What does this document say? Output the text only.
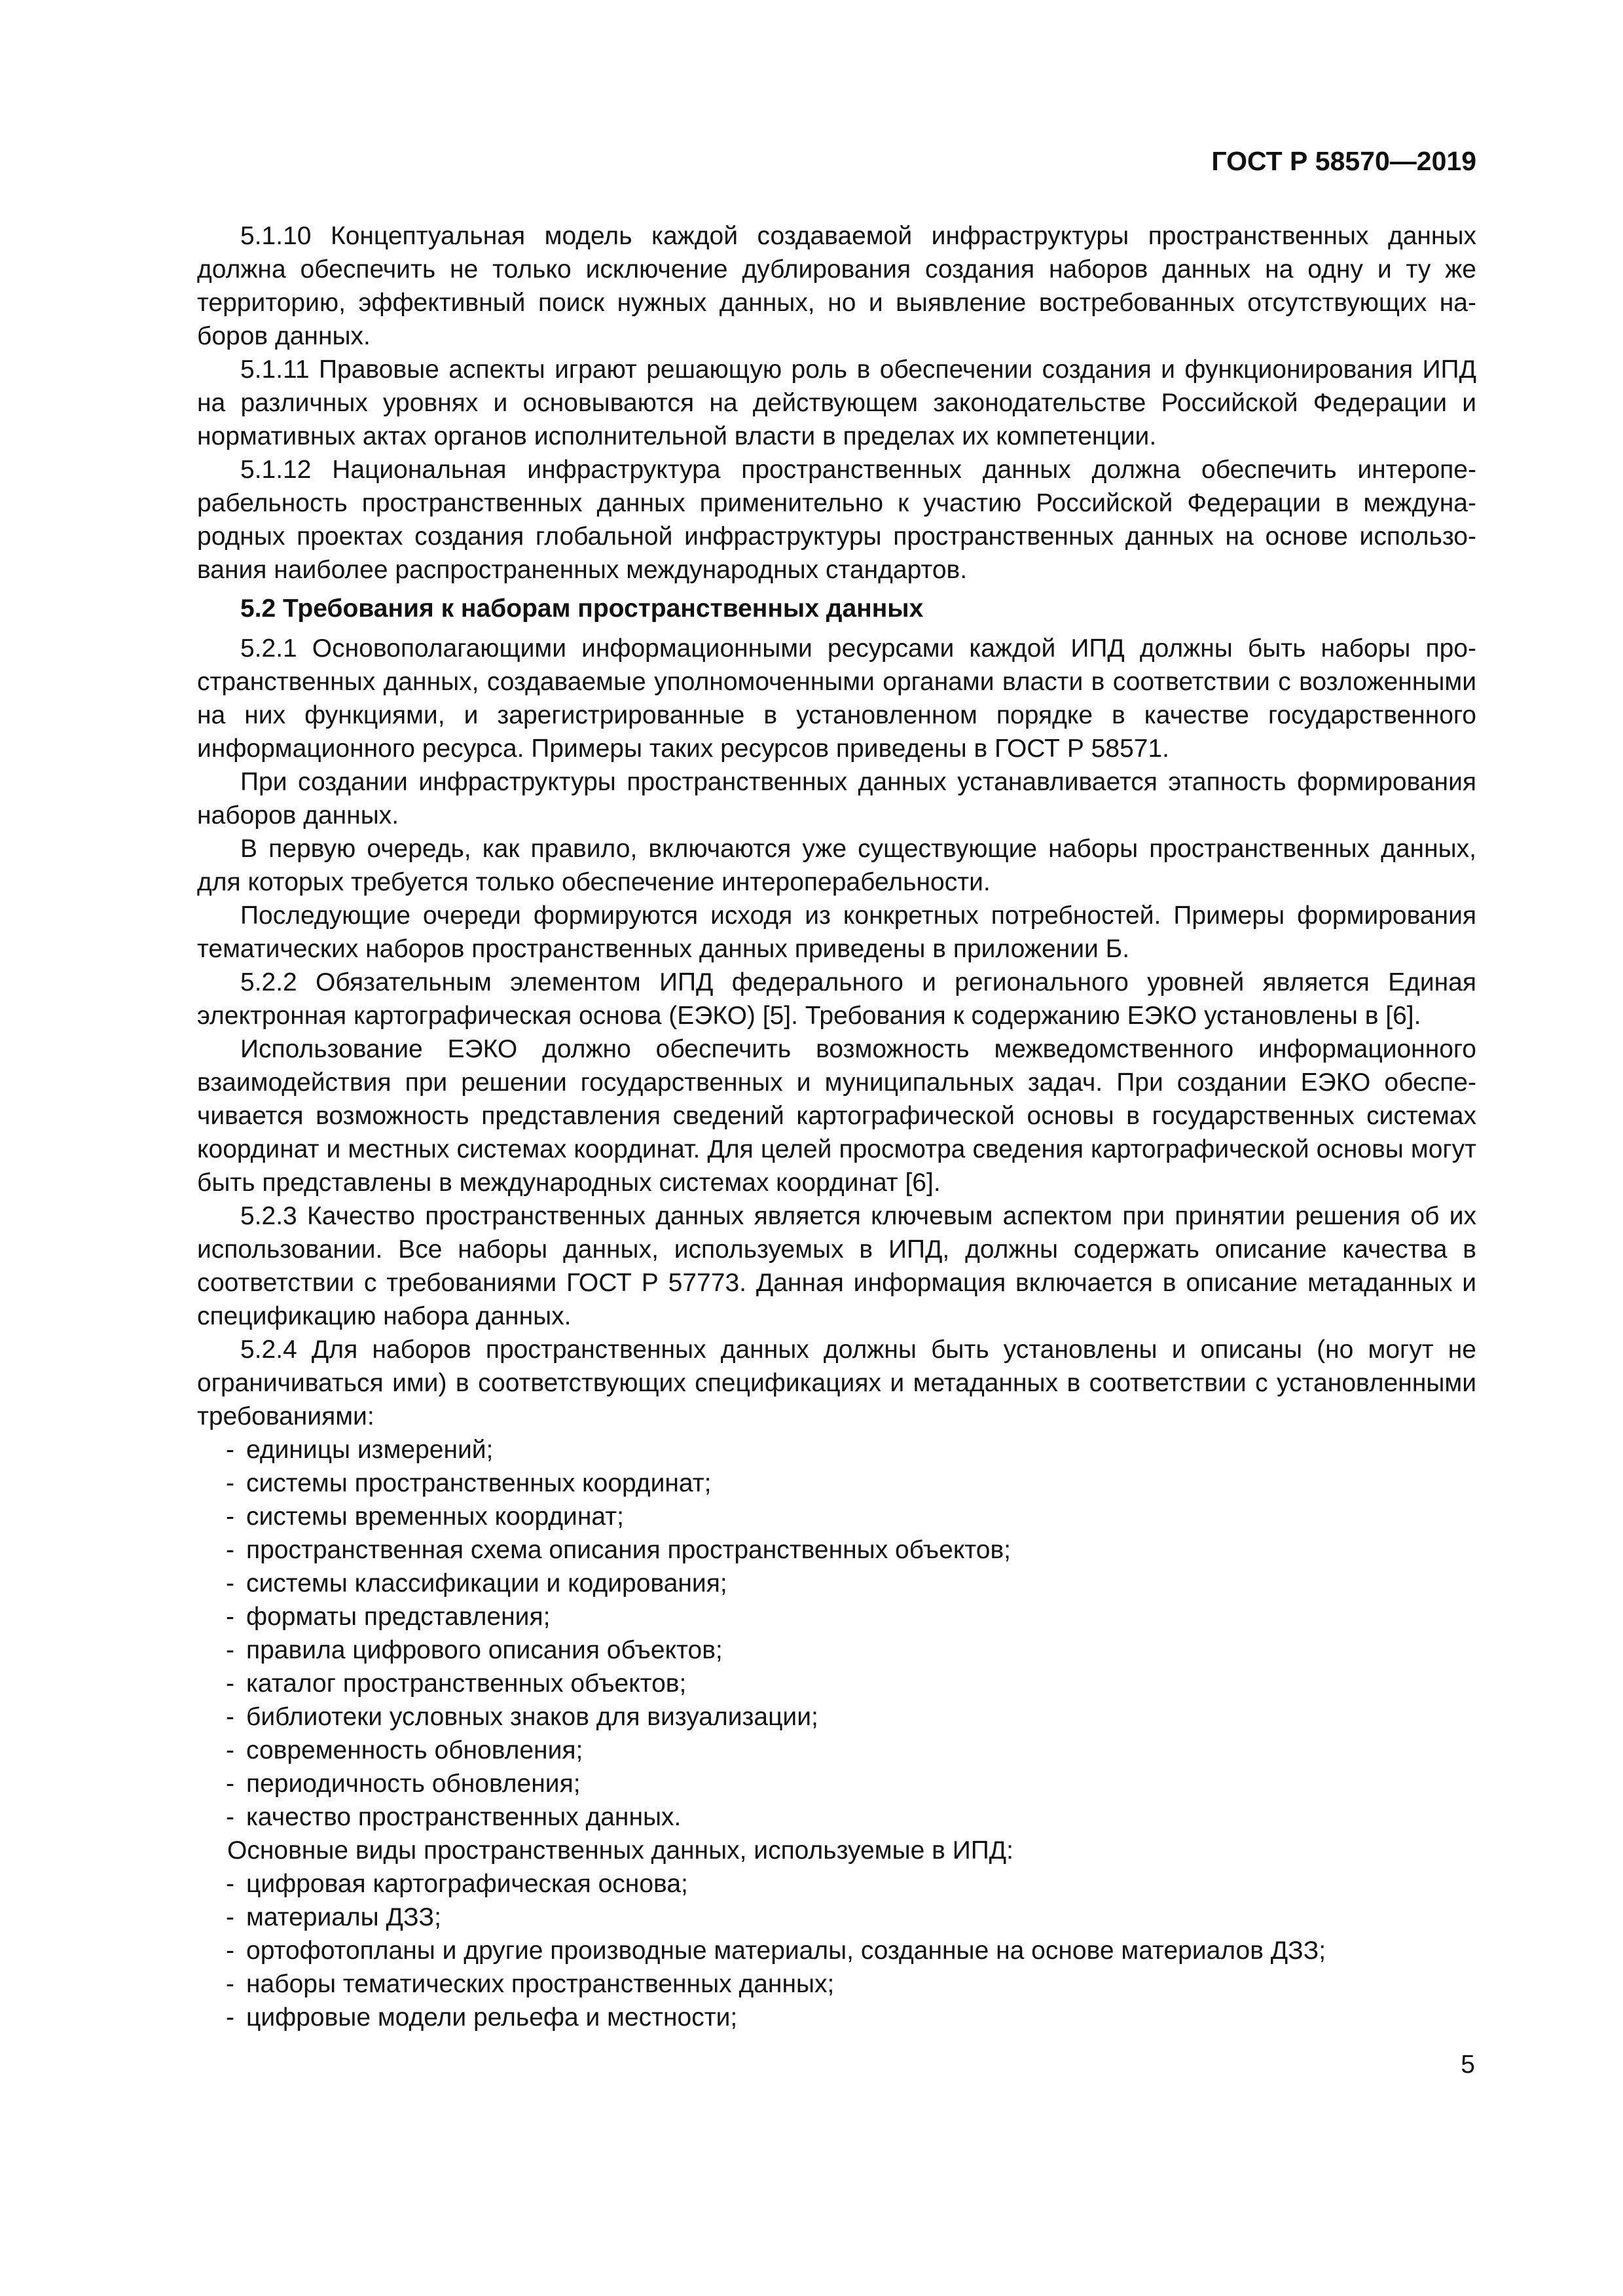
ГОСТ Р 58570—2019

5.1.10 Концептуальная модель каждой создаваемой инфраструктуры пространственных данных должна обеспечить не только исключение дублирования создания наборов данных на одну и ту же территорию, эффективный поиск нужных данных, но и выявление востребованных отсутствующих наборов данных.

5.1.11 Правовые аспекты играют решающую роль в обеспечении создания и функционирования ИПД на различных уровнях и основываются на действующем законодательстве Российской Федерации и нормативных актах органов исполнительной власти в пределах их компетенции.

5.1.12 Национальная инфраструктура пространственных данных должна обеспечить интероперабельность пространственных данных применительно к участию Российской Федерации в международных проектах создания глобальной инфраструктуры пространственных данных на основе использования наиболее распространенных международных стандартов.

5.2 Требования к наборам пространственных данных

5.2.1 Основополагающими информационными ресурсами каждой ИПД должны быть наборы пространственных данных, создаваемые уполномоченными органами власти в соответствии с возложенными на них функциями, и зарегистрированные в установленном порядке в качестве государственного информационного ресурса. Примеры таких ресурсов приведены в ГОСТ Р 58571.

При создании инфраструктуры пространственных данных устанавливается этапность формирования наборов данных.

В первую очередь, как правило, включаются уже существующие наборы пространственных данных, для которых требуется только обеспечение интероперабельности.

Последующие очереди формируются исходя из конкретных потребностей. Примеры формирования тематических наборов пространственных данных приведены в приложении Б.

5.2.2 Обязательным элементом ИПД федерального и регионального уровней является Единая электронная картографическая основа (ЕЭКО) [5]. Требования к содержанию ЕЭКО установлены в [6].

Использование ЕЭКО должно обеспечить возможность межведомственного информационного взаимодействия при решении государственных и муниципальных задач. При создании ЕЭКО обеспечивается возможность представления сведений картографической основы в государственных системах координат и местных системах координат. Для целей просмотра сведения картографической основы могут быть представлены в международных системах координат [6].

5.2.3 Качество пространственных данных является ключевым аспектом при принятии решения об их использовании. Все наборы данных, используемых в ИПД, должны содержать описание качества в соответствии с требованиями ГОСТ Р 57773. Данная информация включается в описание метаданных и спецификацию набора данных.

5.2.4 Для наборов пространственных данных должны быть установлены и описаны (но могут не ограничиваться ими) в соответствующих спецификациях и метаданных в соответствии с установленными требованиями:

- единицы измерений;
- системы пространственных координат;
- системы временных координат;
- пространственная схема описания пространственных объектов;
- системы классификации и кодирования;
- форматы представления;
- правила цифрового описания объектов;
- каталог пространственных объектов;
- библиотеки условных знаков для визуализации;
- современность обновления;
- периодичность обновления;
- качество пространственных данных.

Основные виды пространственных данных, используемые в ИПД:

- цифровая картографическая основа;
- материалы ДЗЗ;
- ортофотопланы и другие производные материалы, созданные на основе материалов ДЗЗ;
- наборы тематических пространственных данных;
- цифровые модели рельефа и местности;
5
